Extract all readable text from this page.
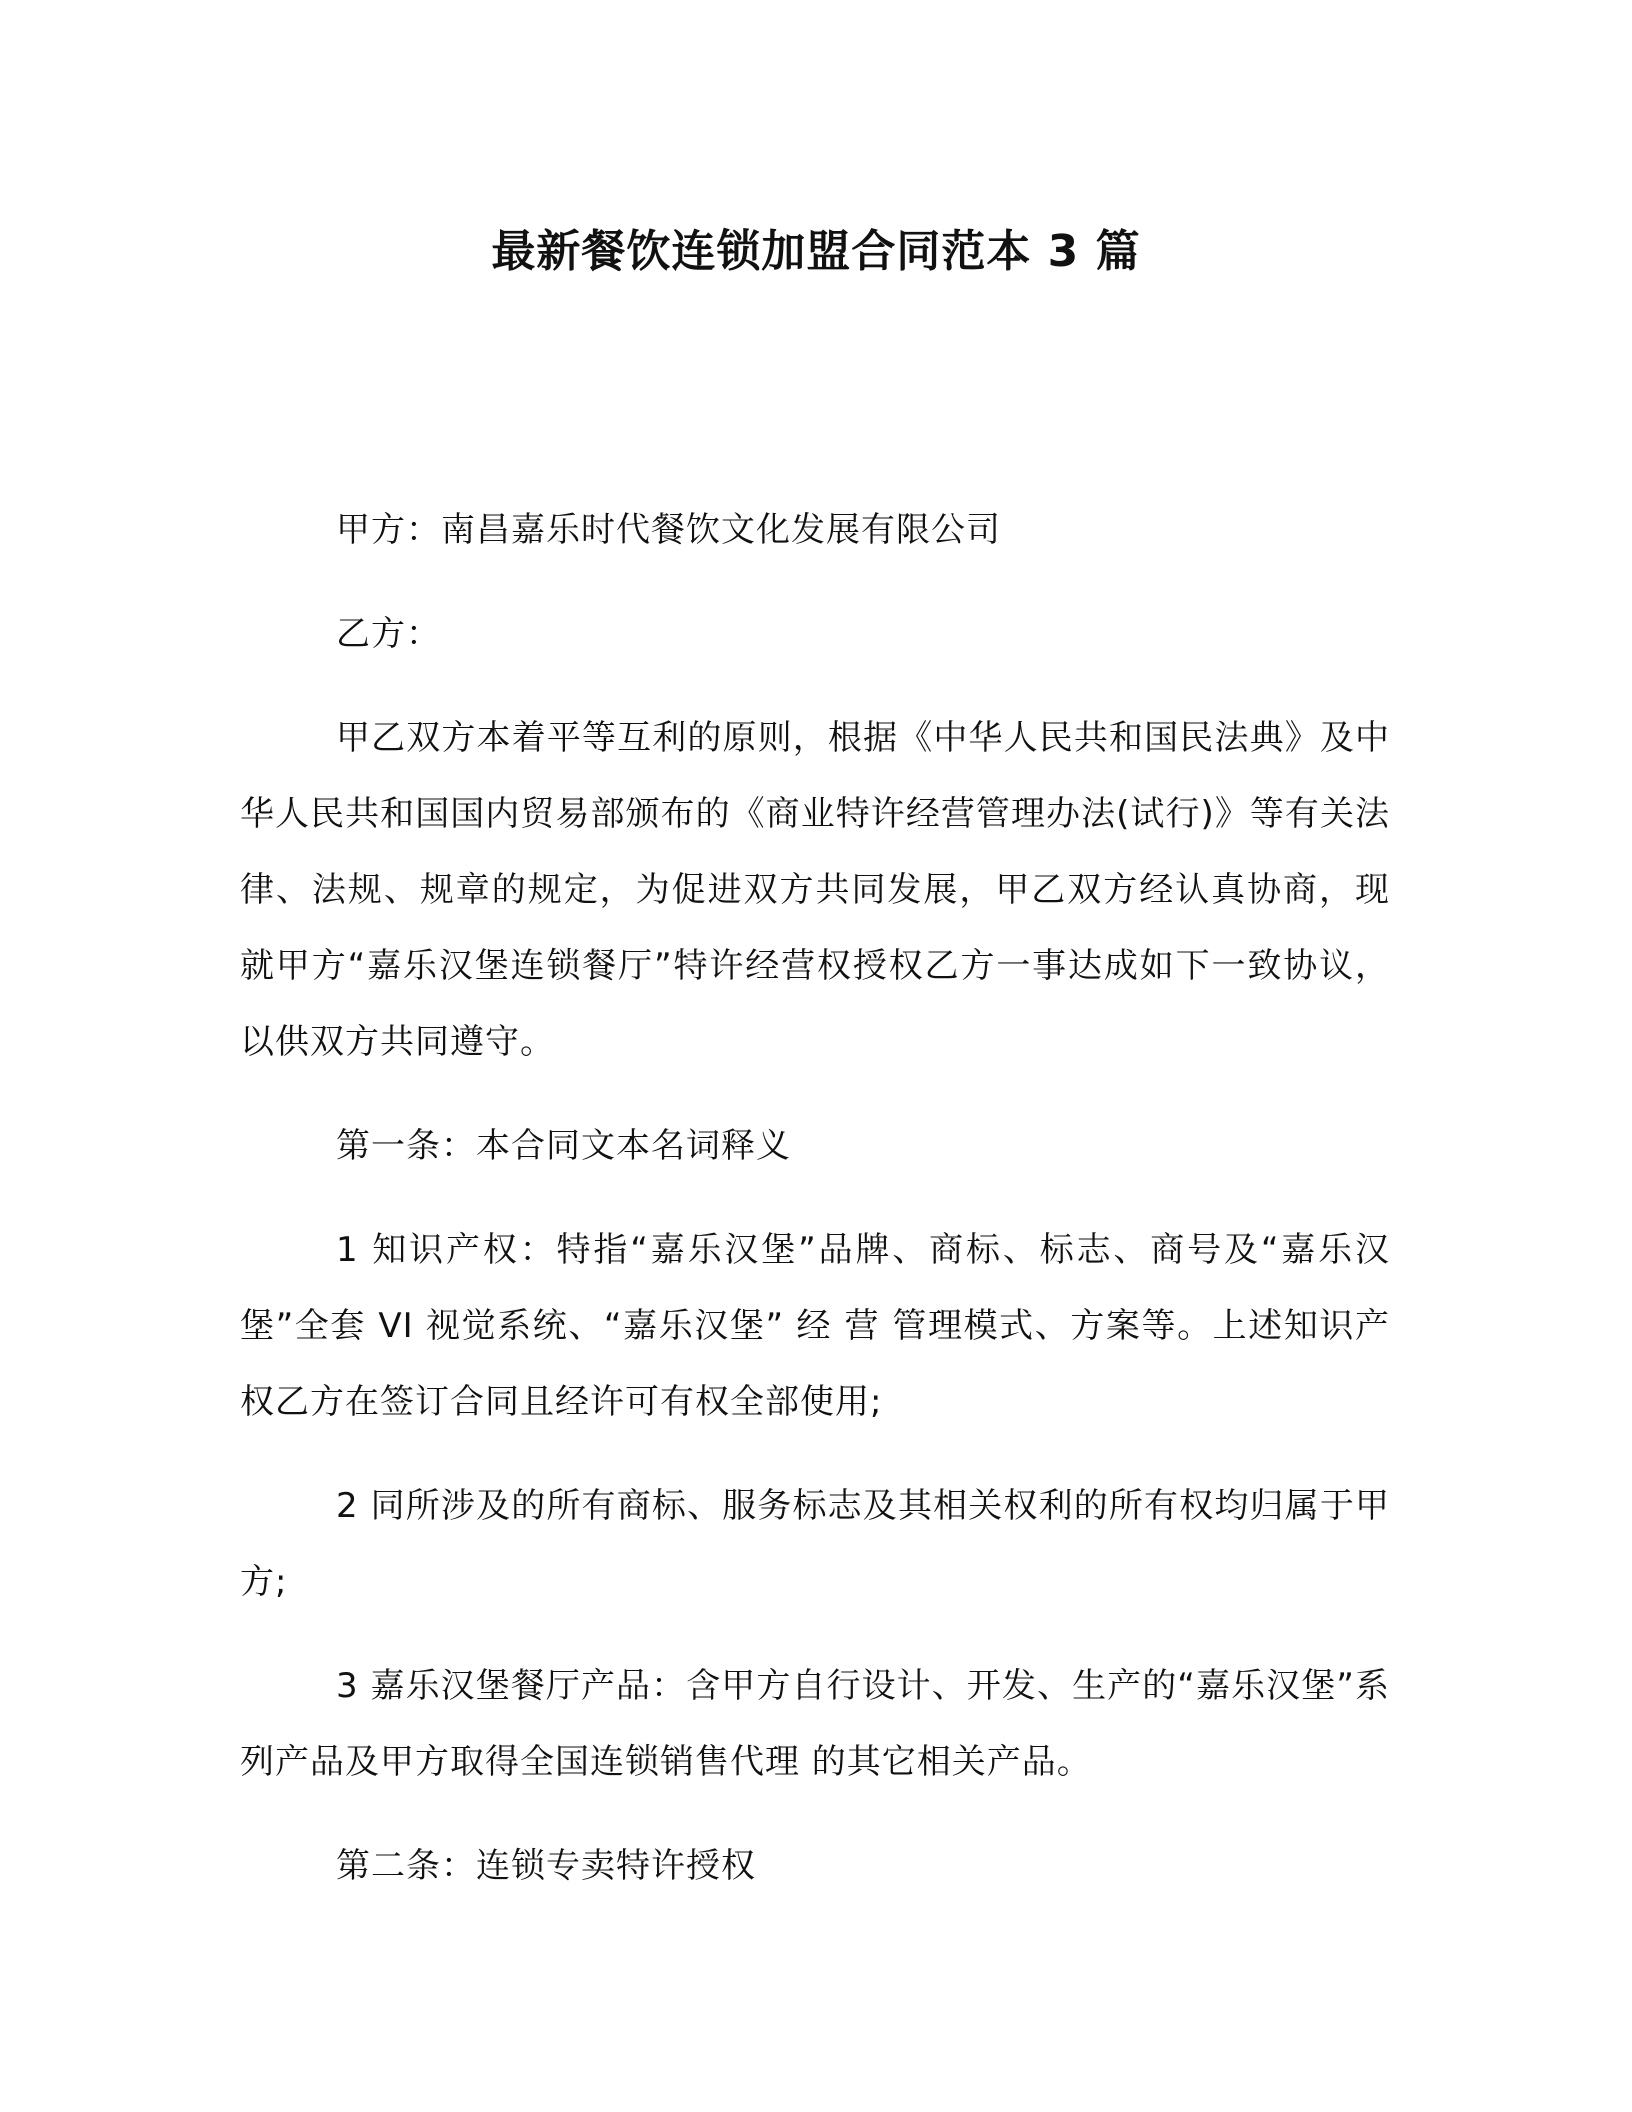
最新餐饮连锁加盟合同范本 3 篇

甲方：南昌嘉乐时代餐饮文化发展有限公司

乙方：

甲乙双方本着平等互利的原则，根据《中华人民共和国民法典》及中华人民共和国国内贸易部颁布的《商业特许经营管理办法(试行)》等有关法律、法规、规章的规定，为促进双方共同发展，甲乙双方经认真协商，现就甲方“嘉乐汉堡连锁餐厅”特许经营权授权乙方一事达成如下一致协议，以供双方共同遵守。

第一条：本合同文本名词释义

1 知识产权：特指“嘉乐汉堡”品牌、商标、标志、商号及“嘉乐汉堡”全套 VI 视觉系统、“嘉乐汉堡” 经 营 管理模式、方案等。上述知识产权乙方在签订合同且经许可有权全部使用;

2 同所涉及的所有商标、服务标志及其相关权利的所有权均归属于甲方;

3 嘉乐汉堡餐厅产品：含甲方自行设计、开发、生产的“嘉乐汉堡”系列产品及甲方取得全国连锁销售代理 的其它相关产品。

第二条：连锁专卖特许授权
